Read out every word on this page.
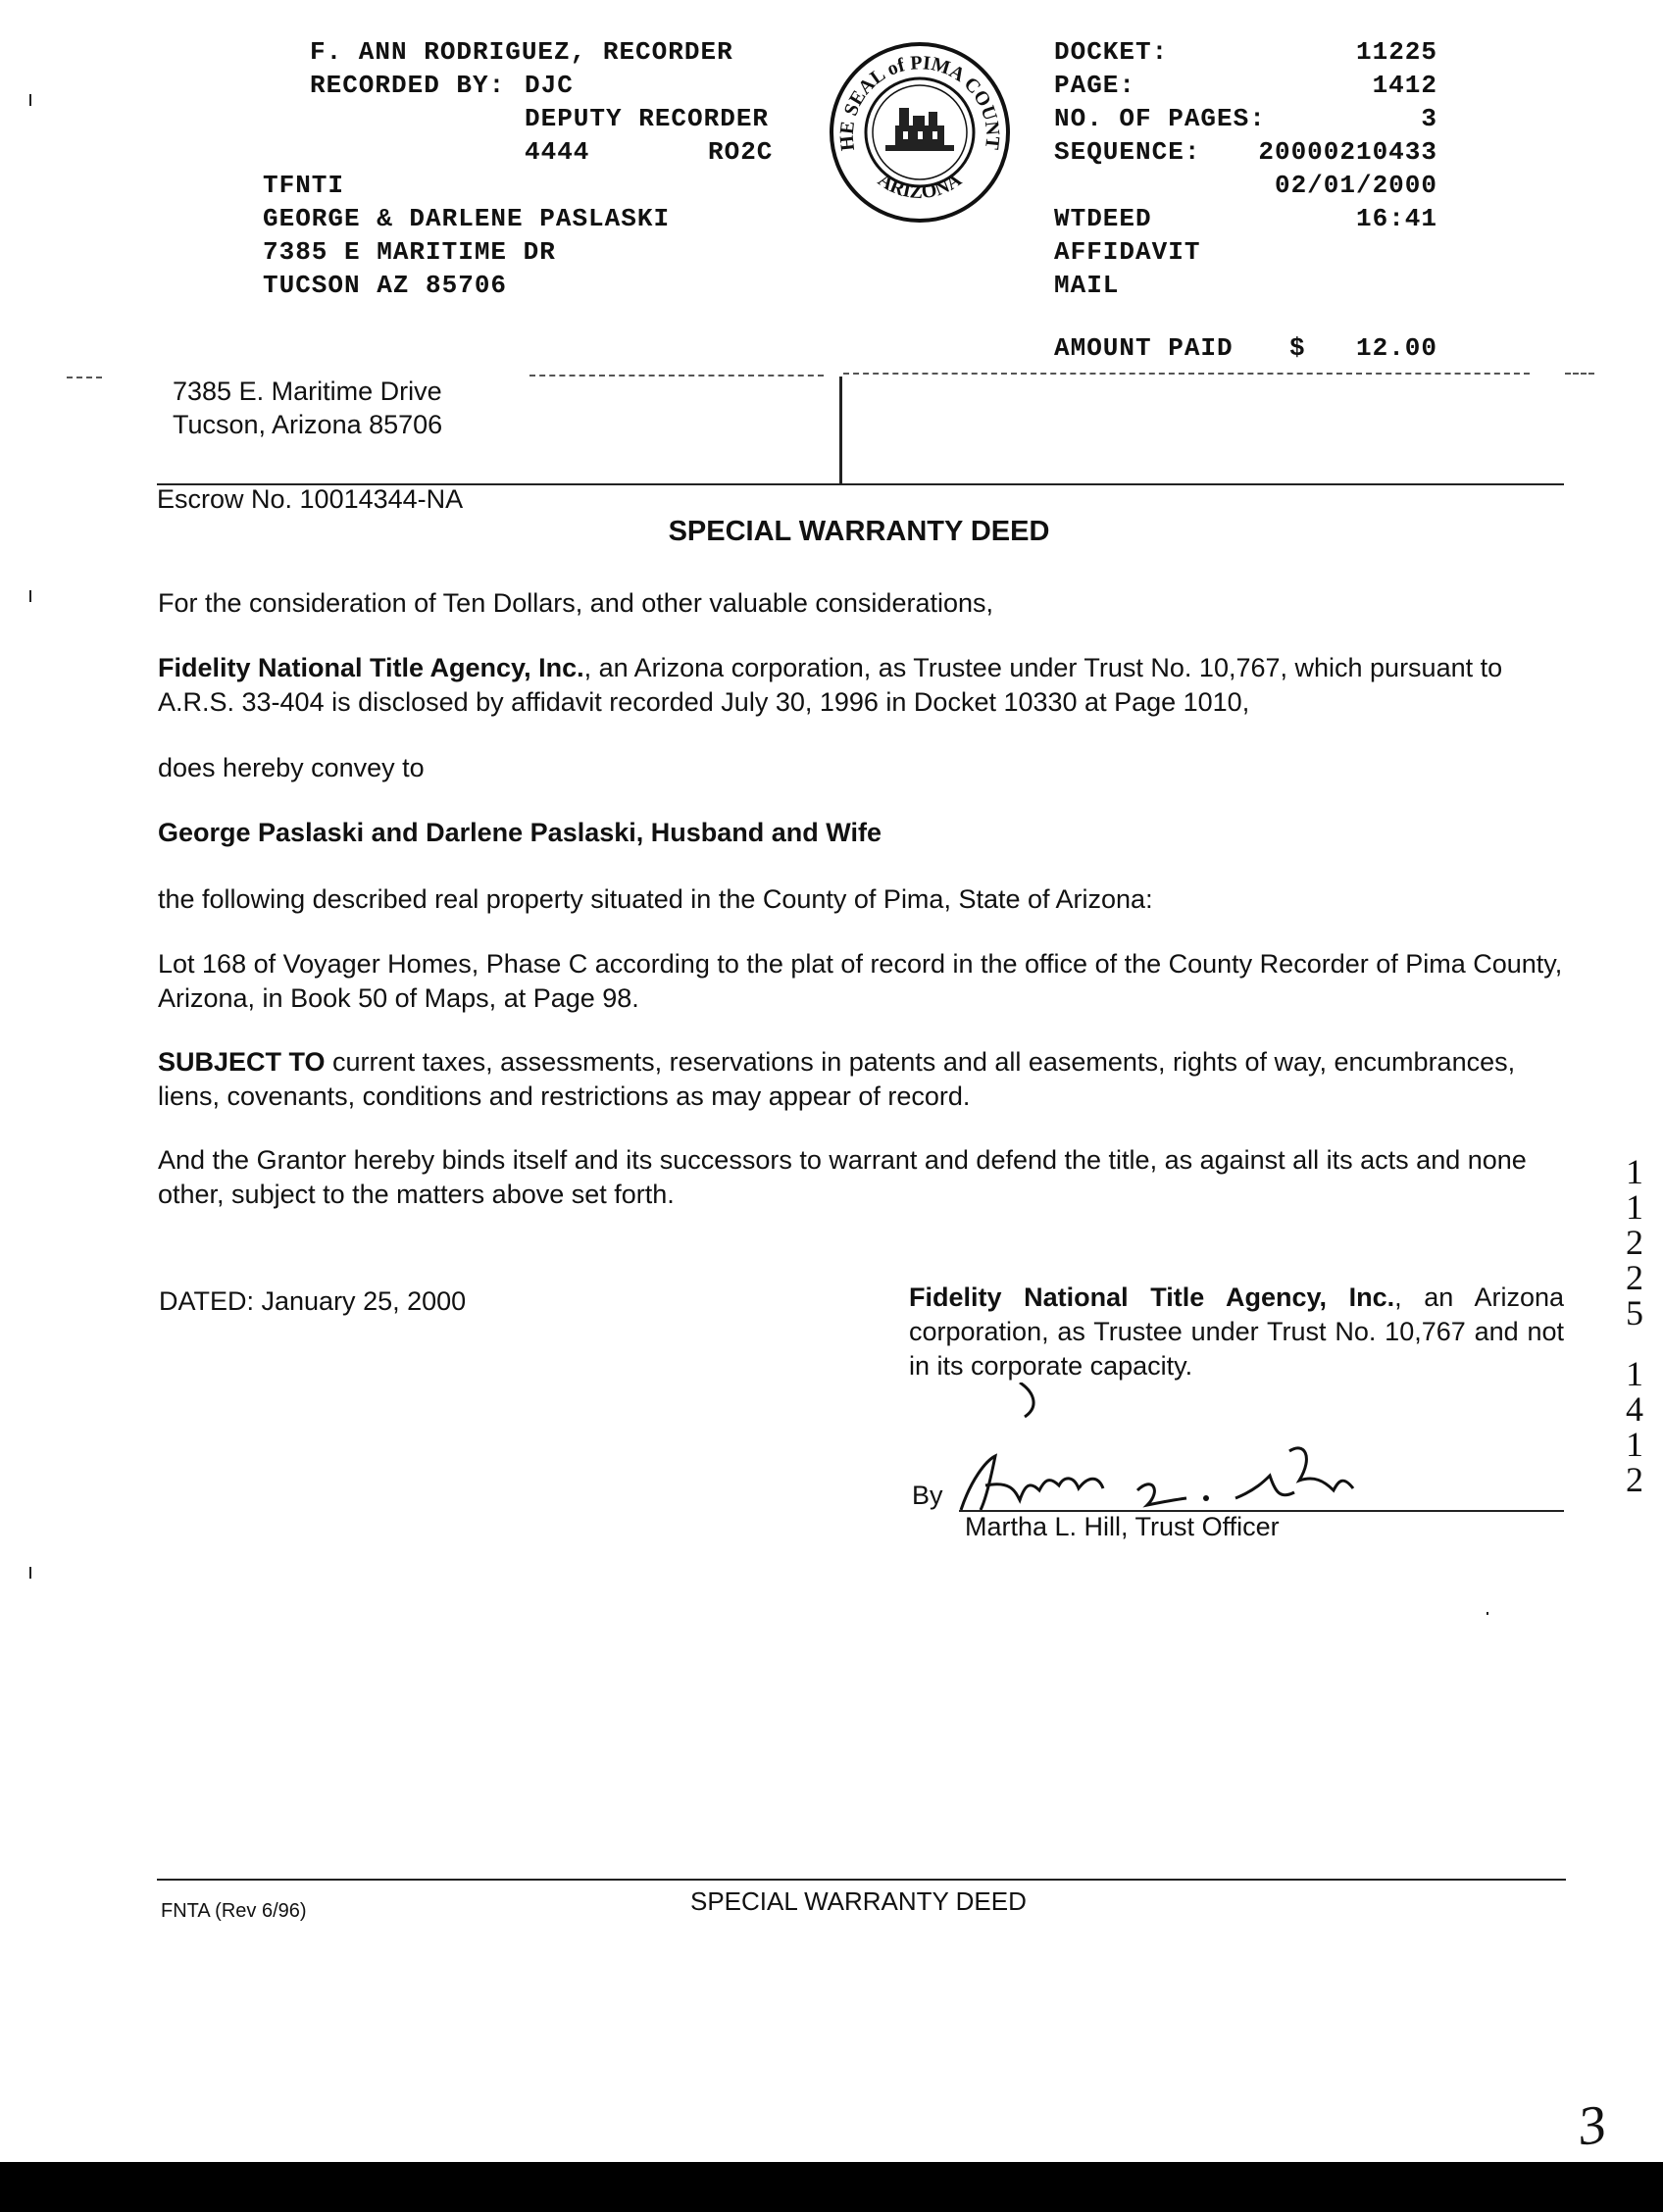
F. ANN RODRIGUEZ, RECORDER
RECORDED BY: DJC
DEPUTY RECORDER
4444	RO2C
TFNTI
GEORGE & DARLENE PASLASKI
7385 E MARITIME DR
TUCSON AZ 85706
HE SEAL of PIMA COUNT
ARIZONA
DOCKET:	11225
PAGE:	1412
NO. OF PAGES:	3
SEQUENCE:	20000210433
02/01/2000
WTDEED	16:41
AFFIDAVIT
MAIL
AMOUNT PAID $	12.00
7385 E. Maritime Drive
Tucson, Arizona 85706
Escrow No. 10014344-NA
SPECIAL WARRANTY DEED
For the consideration of Ten Dollars, and other valuable considerations,
Fidelity National Title Agency, Inc., an Arizona corporation, as Trustee under Trust No. 10,767, which pursuant to A.R.S. 33-404 is disclosed by affidavit recorded July 30, 1996 in Docket 10330 at Page 1010,
does hereby convey to
George Paslaski and Darlene Paslaski, Husband and Wife
the following described real property situated in the County of Pima, State of Arizona:
Lot 168 of Voyager Homes, Phase C according to the plat of record in the office of the County Recorder of Pima County, Arizona, in Book 50 of Maps, at Page 98.
SUBJECT TO current taxes, assessments, reservations in patents and all easements, rights of way, encumbrances, liens, covenants, conditions and restrictions as may appear of record.
And the Grantor hereby binds itself and its successors to warrant and defend the title, as against all its acts and none other, subject to the matters above set forth.
DATED: January 25, 2000	Fidelity National Title Agency, Inc., an Arizona corporation, as Trustee under Trust No. 10,767 and not in its corporate capacity.
By
Martha L. Hill, Trust Officer
1
1
2
2
5
1
4
1
2
FNTA (Rev 6/96)	SPECIAL WARRANTY DEED
3
